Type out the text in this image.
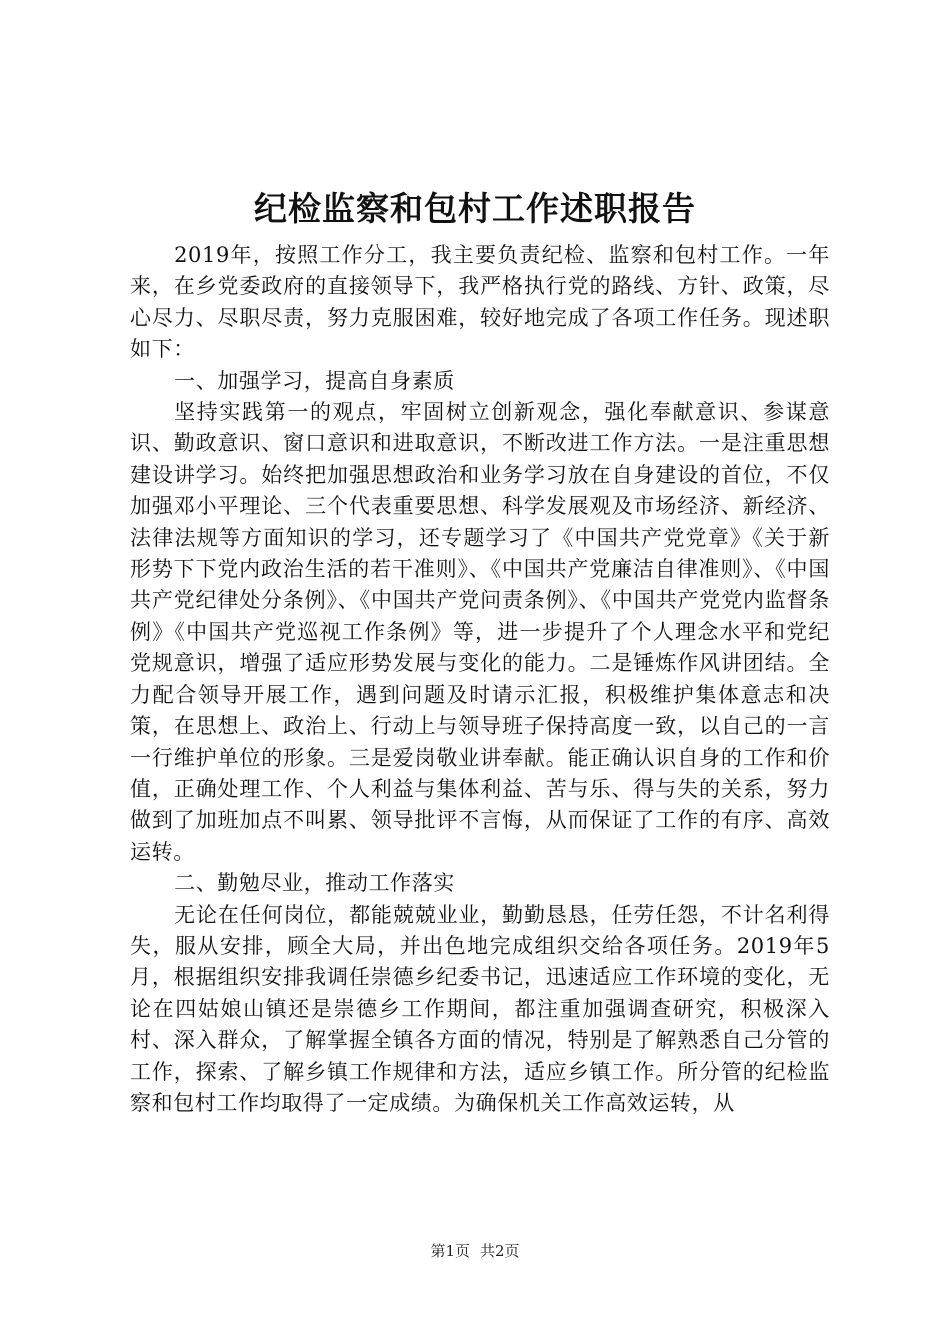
纪检监察和包村工作述职报告

2019年，按照工作分工，我主要负责纪检、监察和包村工作。一年来，在乡党委政府的直接领导下，我严格执行党的路线、方针、政策，尽心尽力、尽职尽责，努力克服困难，较好地完成了各项工作任务。现述职如下：

一、加强学习，提高自身素质

坚持实践第一的观点，牢固树立创新观念，强化奉献意识、参谋意识、勤政意识、窗口意识和进取意识，不断改进工作方法。一是注重思想建设讲学习。始终把加强思想政治和业务学习放在自身建设的首位，不仅加强邓小平理论、三个代表重要思想、科学发展观及市场经济、新经济、法律法规等方面知识的学习，还专题学习了《中国共产党党章》《关于新形势下下党内政治生活的若干准则》、《中国共产党廉洁自律准则》、《中国共产党纪律处分条例》、《中国共产党问责条例》、《中国共产党党内监督条例》《中国共产党巡视工作条例》等，进一步提升了个人理念水平和党纪党规意识，增强了适应形势发展与变化的能力。二是锤炼作风讲团结。全力配合领导开展工作，遇到问题及时请示汇报，积极维护集体意志和决策，在思想上、政治上、行动上与领导班子保持高度一致，以自己的一言一行维护单位的形象。三是爱岗敬业讲奉献。能正确认识自身的工作和价值，正确处理工作、个人利益与集体利益、苦与乐、得与失的关系，努力做到了加班加点不叫累、领导批评不言悔，从而保证了工作的有序、高效运转。

二、勤勉尽业，推动工作落实

无论在任何岗位，都能兢兢业业，勤勤恳恳，任劳任怨，不计名利得失，服从安排，顾全大局，并出色地完成组织交给各项任务。2019年5月，根据组织安排我调任崇德乡纪委书记，迅速适应工作环境的变化，无论在四姑娘山镇还是崇德乡工作期间，都注重加强调查研究，积极深入村、深入群众，了解掌握全镇各方面的情况，特别是了解熟悉自己分管的工作，探索、了解乡镇工作规律和方法，适应乡镇工作。所分管的纪检监察和包村工作均取得了一定成绩。为确保机关工作高效运转，从

第1页 共2页
